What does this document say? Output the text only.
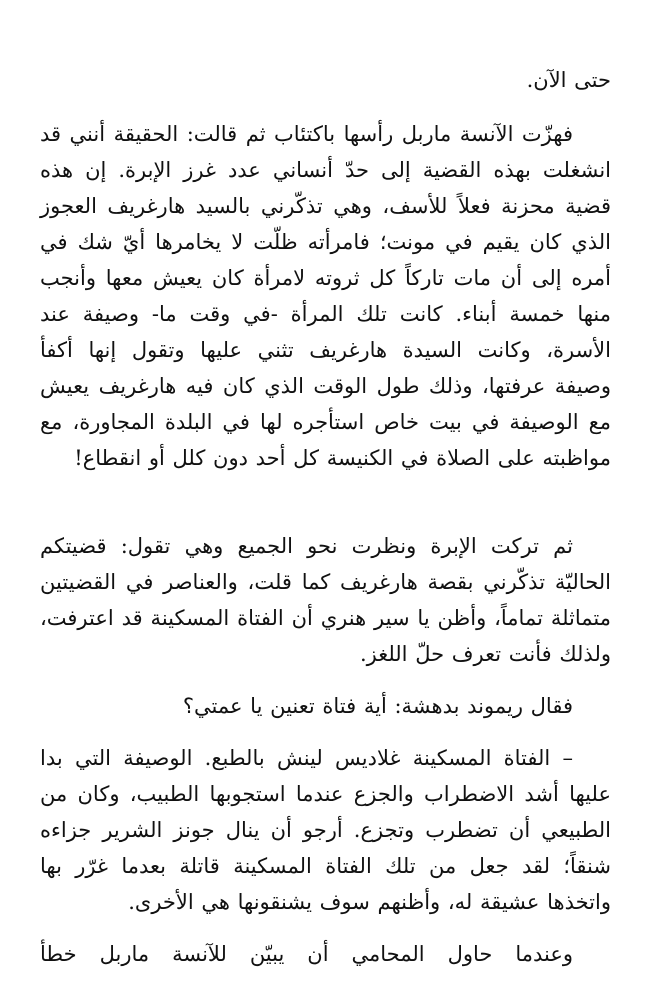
حتى الآن.

فهزّت الآنسة ماربل رأسها باكتئاب ثم قالت: الحقيقة أنني قد انشغلت بهذه القضية إلى حدّ أنساني عدد غرز الإبرة. إن هذه قضية محزنة فعلاً للأسف، وهي تذكّرني بالسيد هارغريف العجوز الذي كان يقيم في مونت؛ فامرأته ظلّت لا يخامرها أيّ شك في أمره إلى أن مات تاركاً كل ثروته لامرأة كان يعيش معها وأنجب منها خمسة أبناء. كانت تلك المرأة -في وقت ما- وصيفة عند الأسرة، وكانت السيدة هارغريف تثني عليها وتقول إنها أكفأ وصيفة عرفتها، وذلك طول الوقت الذي كان فيه هارغريف يعيش مع الوصيفة في بيت خاص استأجره لها في البلدة المجاورة، مع مواظبته على الصلاة في الكنيسة كل أحد دون كلل أو انقطاع!

ثم تركت الإبرة ونظرت نحو الجميع وهي تقول: قضيتكم الحاليّة تذكّرني بقصة هارغريف كما قلت، والعناصر في القضيتين متماثلة تماماً، وأظن يا سير هنري أن الفتاة المسكينة قد اعترفت، ولذلك فأنت تعرف حلّ اللغز.

فقال ريموند بدهشة: أية فتاة تعنين يا عمتي؟

– الفتاة المسكينة غلاديس لينش بالطبع. الوصيفة التي بدا عليها أشد الاضطراب والجزع عندما استجوبها الطبيب، وكان من الطبيعي أن تضطرب وتجزع. أرجو أن ينال جونز الشرير جزاءه شنقاً؛ لقد جعل من تلك الفتاة المسكينة قاتلة بعدما غرّر بها واتخذها عشيقة له، وأظنهم سوف يشنقونها هي الأخرى.

وعندما حاول المحامي أن يبيّن للآنسة ماربل خطأ
